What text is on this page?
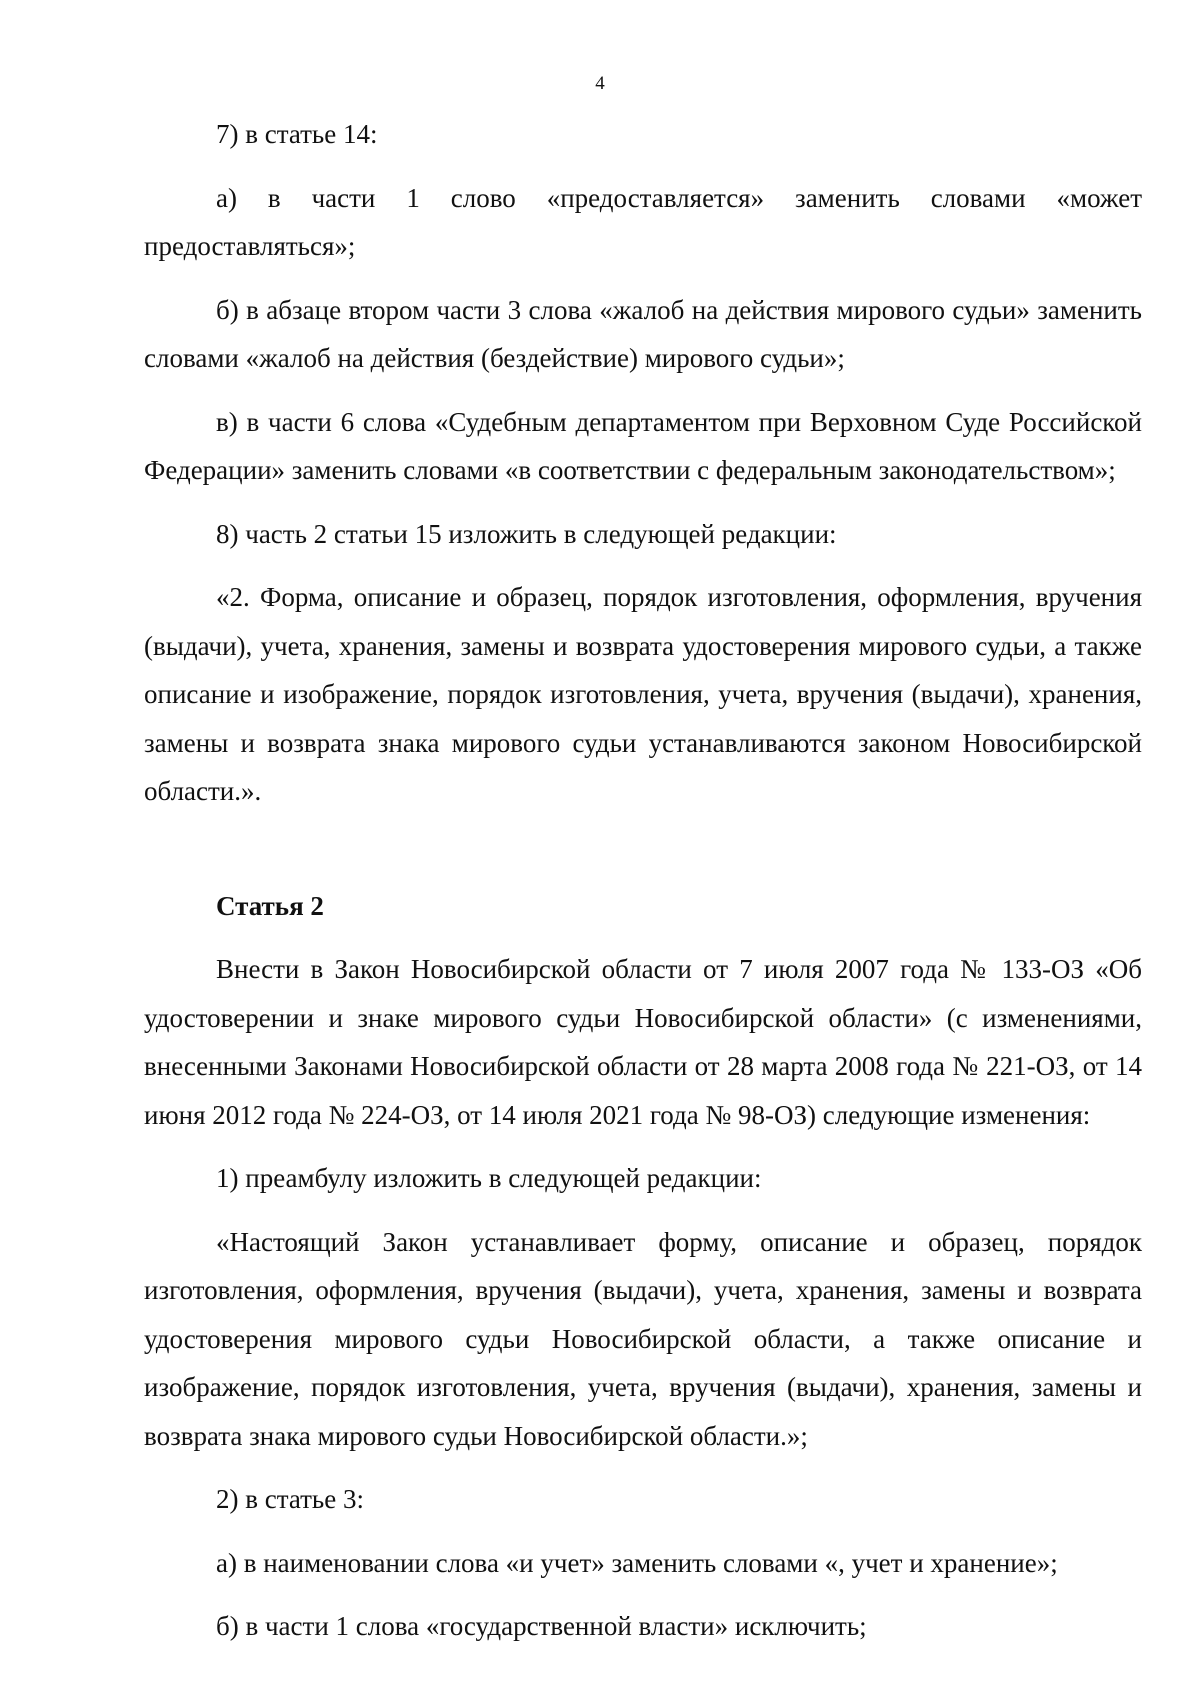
4

7) в статье 14:

а) в части 1 слово «предоставляется» заменить словами «может предоставляться»;

б) в абзаце втором части 3 слова «жалоб на действия мирового судьи» заменить словами «жалоб на действия (бездействие) мирового судьи»;

в) в части 6 слова «Судебным департаментом при Верховном Суде Российской Федерации» заменить словами «в соответствии с федеральным законодательством»;

8) часть 2 статьи 15 изложить в следующей редакции:

«2. Форма, описание и образец, порядок изготовления, оформления, вручения (выдачи), учета, хранения, замены и возврата удостоверения мирового судьи, а также описание и изображение, порядок изготовления, учета, вручения (выдачи), хранения, замены и возврата знака мирового судьи устанавливаются законом Новосибирской области.».

Статья 2

Внести в Закон Новосибирской области от 7 июля 2007 года № 133-ОЗ «Об удостоверении и знаке мирового судьи Новосибирской области» (с изменениями, внесенными Законами Новосибирской области от 28 марта 2008 года № 221-ОЗ, от 14 июня 2012 года № 224-ОЗ, от 14 июля 2021 года № 98-ОЗ) следующие изменения:

1) преамбулу изложить в следующей редакции:

«Настоящий Закон устанавливает форму, описание и образец, порядок изготовления, оформления, вручения (выдачи), учета, хранения, замены и возврата удостоверения мирового судьи Новосибирской области, а также описание и изображение, порядок изготовления, учета, вручения (выдачи), хранения, замены и возврата знака мирового судьи Новосибирской области.»;

2) в статье 3:

а) в наименовании слова «и учет» заменить словами «, учет и хранение»;

б) в части 1 слова «государственной власти» исключить;
